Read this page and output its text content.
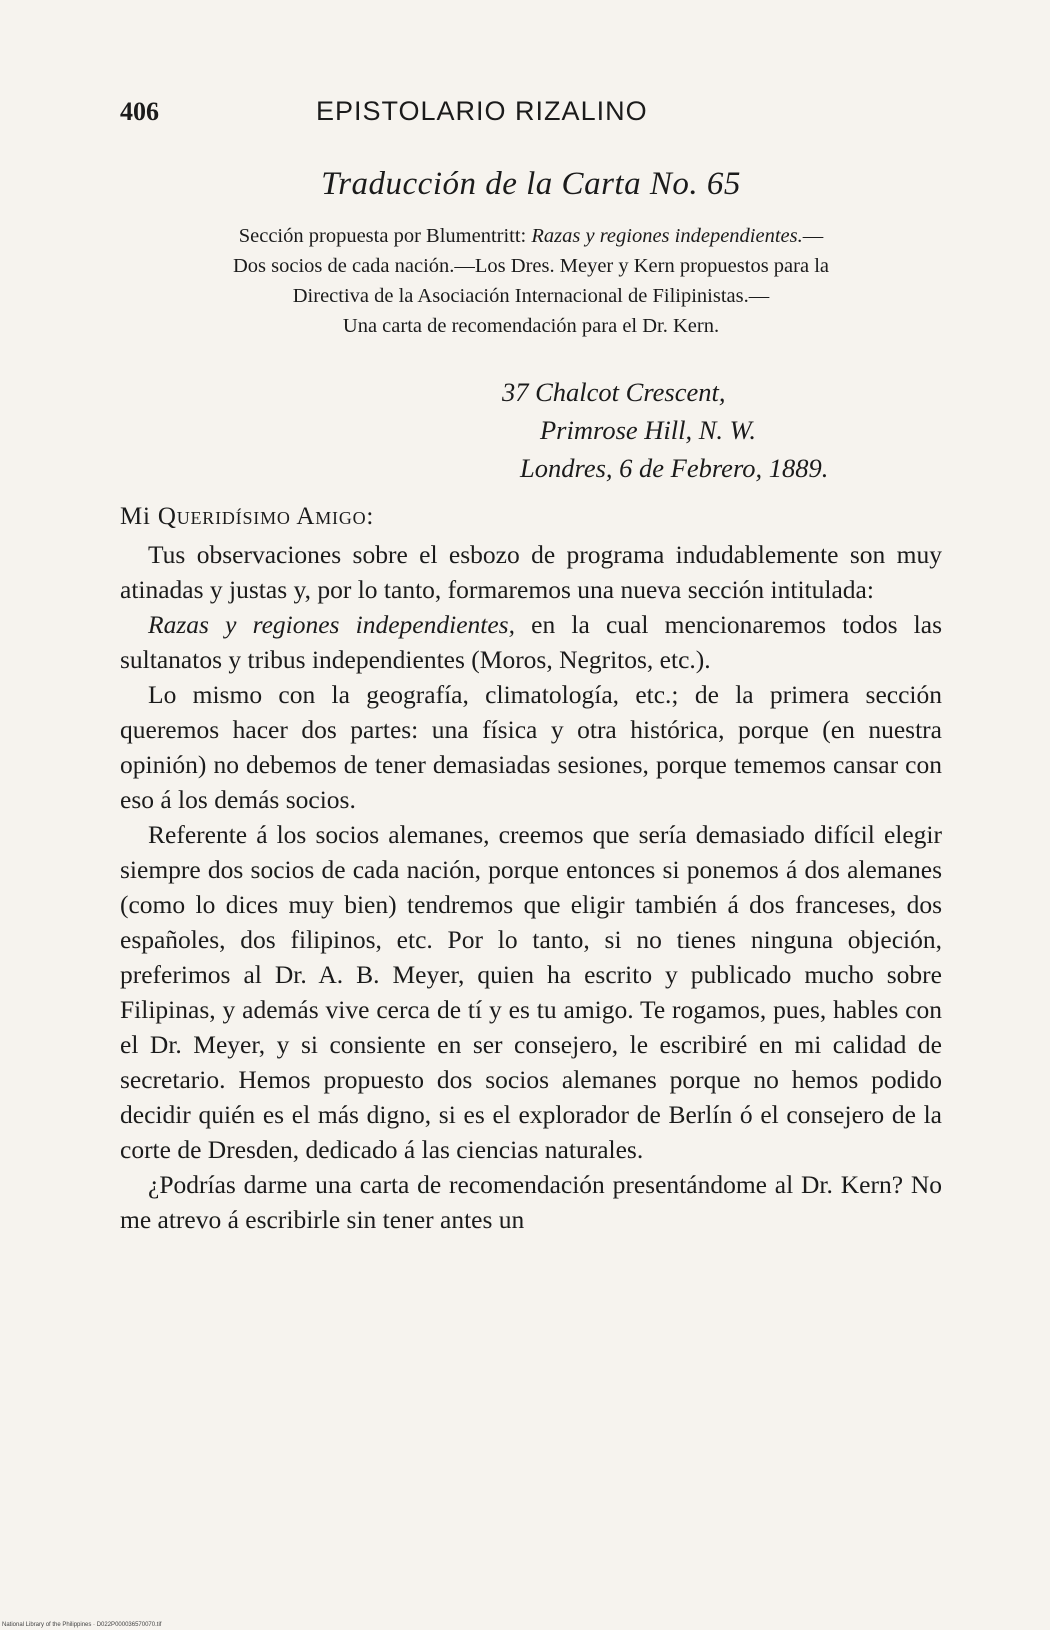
406	EPISTOLARIO RIZALINO
Traducción de la Carta No. 65
Sección propuesta por Blumentritt: Razas y regiones independientes.—
Dos socios de cada nación.—Los Dres. Meyer y Kern propuestos para la
Directiva de la Asociación Internacional de Filipinistas.—
Una carta de recomendación para el Dr. Kern.
37 Chalcot Crescent,
Primrose Hill, N. W.
Londres, 6 de Febrero, 1889.
Mi QUERIDÍSIMO AMIGO:

Tus observaciones sobre el esbozo de programa indudablemente son muy atinadas y justas y, por lo tanto, formaremos una nueva sección intitulada:

Razas y regiones independientes, en la cual mencionaremos todos las sultanatos y tribus independientes (Moros, Negritos, etc.).

Lo mismo con la geografía, climatología, etc.; de la primera sección queremos hacer dos partes: una física y otra histórica, porque (en nuestra opinión) no debemos de tener demasiadas sesiones, porque tememos cansar con eso á los demás socios.

Referente á los socios alemanes, creemos que sería demasiado difícil elegir siempre dos socios de cada nación, porque entonces si ponemos á dos alemanes (como lo dices muy bien) tendremos que eligir también á dos franceses, dos españoles, dos filipinos, etc. Por lo tanto, si no tienes ninguna objeción, preferimos al Dr. A. B. Meyer, quien ha escrito y publicado mucho sobre Filipinas, y además vive cerca de tí y es tu amigo. Te rogamos, pues, hables con el Dr. Meyer, y si consiente en ser consejero, le escribiré en mi calidad de secretario. Hemos propuesto dos socios alemanes porque no hemos podido decidir quién es el más digno, si es el explorador de Berlín ó el consejero de la corte de Dresden, dedicado á las ciencias naturales.

¿Podrías darme una carta de recomendación presentándome al Dr. Kern? No me atrevo á escribirle sin tener antes un

National Library of the Philippines · D022P000036570070.tif
